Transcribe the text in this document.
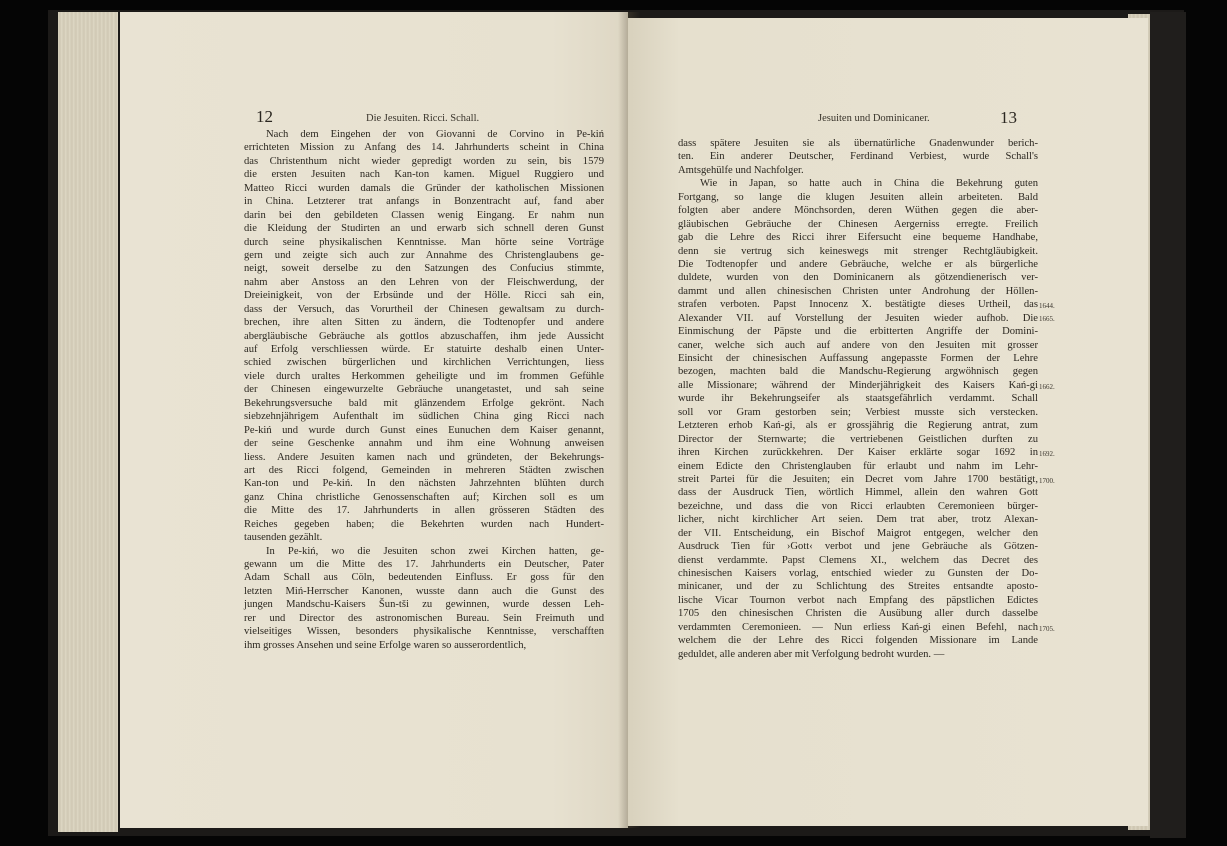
12	Die Jesuiten. Ricci. Schall.
Nach dem Eingehen der von Giovanni de Corvino in Pe-kiń
errichteten Mission zu Anfang des 14. Jahrhunderts scheint in China
das Christenthum nicht wieder gepredigt worden zu sein, bis 1579
die ersten Jesuiten nach Kan-ton kamen. Miguel Ruggiero und
Matteo Ricci wurden damals die Gründer der katholischen Missionen
in China. Letzterer trat anfangs in Bonzentracht auf, fand aber
darin bei den gebildeten Classen wenig Eingang. Er nahm nun
die Kleidung der Studirten an und erwarb sich schnell deren Gunst
durch seine physikalischen Kenntnisse. Man hörte seine Vorträge
gern und zeigte sich auch zur Annahme des Christenglaubens ge-
neigt, soweit derselbe zu den Satzungen des Confucius stimmte,
nahm aber Anstoss an den Lehren von der Fleischwerdung, der
Dreieinigkeit, von der Erbsünde und der Hölle. Ricci sah ein,
dass der Versuch, das Vorurtheil der Chinesen gewaltsam zu durch-
brechen, ihre alten Sitten zu ändern, die Todtenopfer und andere
abergläubische Gebräuche als gottlos abzuschaffen, ihm jede Aussicht
auf Erfolg verschliessen würde. Er statuirte deshalb einen Unter-
schied zwischen bürgerlichen und kirchlichen Verrichtungen, liess
viele durch uraltes Herkommen geheiligte und im frommen Gefühle
der Chinesen eingewurzelte Gebräuche unangetastet, und sah seine
Bekehrungsversuche bald mit glänzendem Erfolge gekrönt. Nach
siebzehnjährigem Aufenthalt im südlichen China ging Ricci nach
Pe-kiń und wurde durch Gunst eines Eunuchen dem Kaiser genannt,
der seine Geschenke annahm und ihm eine Wohnung anweisen
liess. Andere Jesuiten kamen nach und gründeten, der Bekehrungs-
art des Ricci folgend, Gemeinden in mehreren Städten zwischen
Kan-ton und Pe-kiń. In den nächsten Jahrzehnten blühten durch
ganz China christliche Genossenschaften auf; Kirchen soll es um
die Mitte des 17. Jahrhunderts in allen grösseren Städten des
Reiches gegeben haben; die Bekehrten wurden nach Hundert-
tausenden gezählt.
In Pe-kiń, wo die Jesuiten schon zwei Kirchen hatten, ge-
gewann um die Mitte des 17. Jahrhunderts ein Deutscher, Pater
Adam Schall aus Cöln, bedeutenden Einfluss. Er goss für den
letzten Miń-Herrscher Kanonen, wusste dann auch die Gunst des
jungen Mandschu-Kaisers Šun-tši zu gewinnen, wurde dessen Leh-
rer und Director des astronomischen Bureau. Sein Freimuth und
vielseitiges Wissen, besonders physikalische Kenntnisse, verschafften
ihm grosses Ansehen und seine Erfolge waren so ausserordentlich,
Jesuiten und Dominicaner.	13
dass spätere Jesuiten sie als übernatürliche Gnadenwunder berich-
ten. Ein anderer Deutscher, Ferdinand Verbiest, wurde Schall's
Amtsgehülfe und Nachfolger.
Wie in Japan, so hatte auch in China die Bekehrung guten
Fortgang, so lange die klugen Jesuiten allein arbeiteten. Bald
folgten aber andere Mönchsorden, deren Wüthen gegen die aber-
gläubischen Gebräuche der Chinesen Aergerniss erregte. Freilich
gab die Lehre des Ricci ihrer Eifersucht eine bequeme Handhabe,
denn sie vertrug sich keineswegs mit strenger Rechtgläubigkeit.
Die Todtenopfer und andere Gebräuche, welche er als bürgerliche
duldete, wurden von den Dominicanern als götzendienerisch ver-
dammt und allen chinesischen Christen unter Androhung der Höllen-
strafen verboten. Papst Innocenz X. bestätigte dieses Urtheil, das
Alexander VII. auf Vorstellung der Jesuiten wieder aufhob. Die
Einmischung der Päpste und die erbitterten Angriffe der Domini-
caner, welche sich auch auf andere von den Jesuiten mit grosser
Einsicht der chinesischen Auffassung angepasste Formen der Lehre
bezogen, machten bald die Mandschu-Regierung argwöhnisch gegen
alle Missionare; während der Minderjährigkeit des Kaisers Kań-gi
wurde ihr Bekehrungseifer als staatsgefährlich verdammt. Schall
soll vor Gram gestorben sein; Verbiest musste sich verstecken.
Letzteren erhob Kań-gi, als er grossjährig die Regierung antrat, zum
Director der Sternwarte; die vertriebenen Geistlichen durften zu
ihren Kirchen zurückkehren. Der Kaiser erklärte sogar 1692 in
einem Edicte den Christenglauben für erlaubt und nahm im Lehr-
streit Partei für die Jesuiten; ein Decret vom Jahre 1700 bestätigt,
dass der Ausdruck Tien, wörtlich Himmel, allein den wahren Gott
bezeichne, und dass die von Ricci erlaubten Ceremonieen bürger-
licher, nicht kirchlicher Art seien. Dem trat aber, trotz Alexan-
der VII. Entscheidung, ein Bischof Maigrot entgegen, welcher den
Ausdruck Tien für ›Gott‹ verbot und jene Gebräuche als Götzen-
dienst verdammte. Papst Clemens XI., welchem das Decret des
chinesischen Kaisers vorlag, entschied wieder zu Gunsten der Do-
minicaner, und der zu Schlichtung des Streites entsandte aposto-
lische Vicar Tournon verbot nach Empfang des päpstlichen Edictes
1705 den chinesischen Christen die Ausübung aller durch dasselbe
verdammten Ceremonieen. — Nun erliess Kań-gi einen Befehl, nach
welchem die der Lehre des Ricci folgenden Missionare im Lande
geduldet, alle anderen aber mit Verfolgung bedroht wurden. —
1644.
1665.
1662.
1692.
1700.
1705.
